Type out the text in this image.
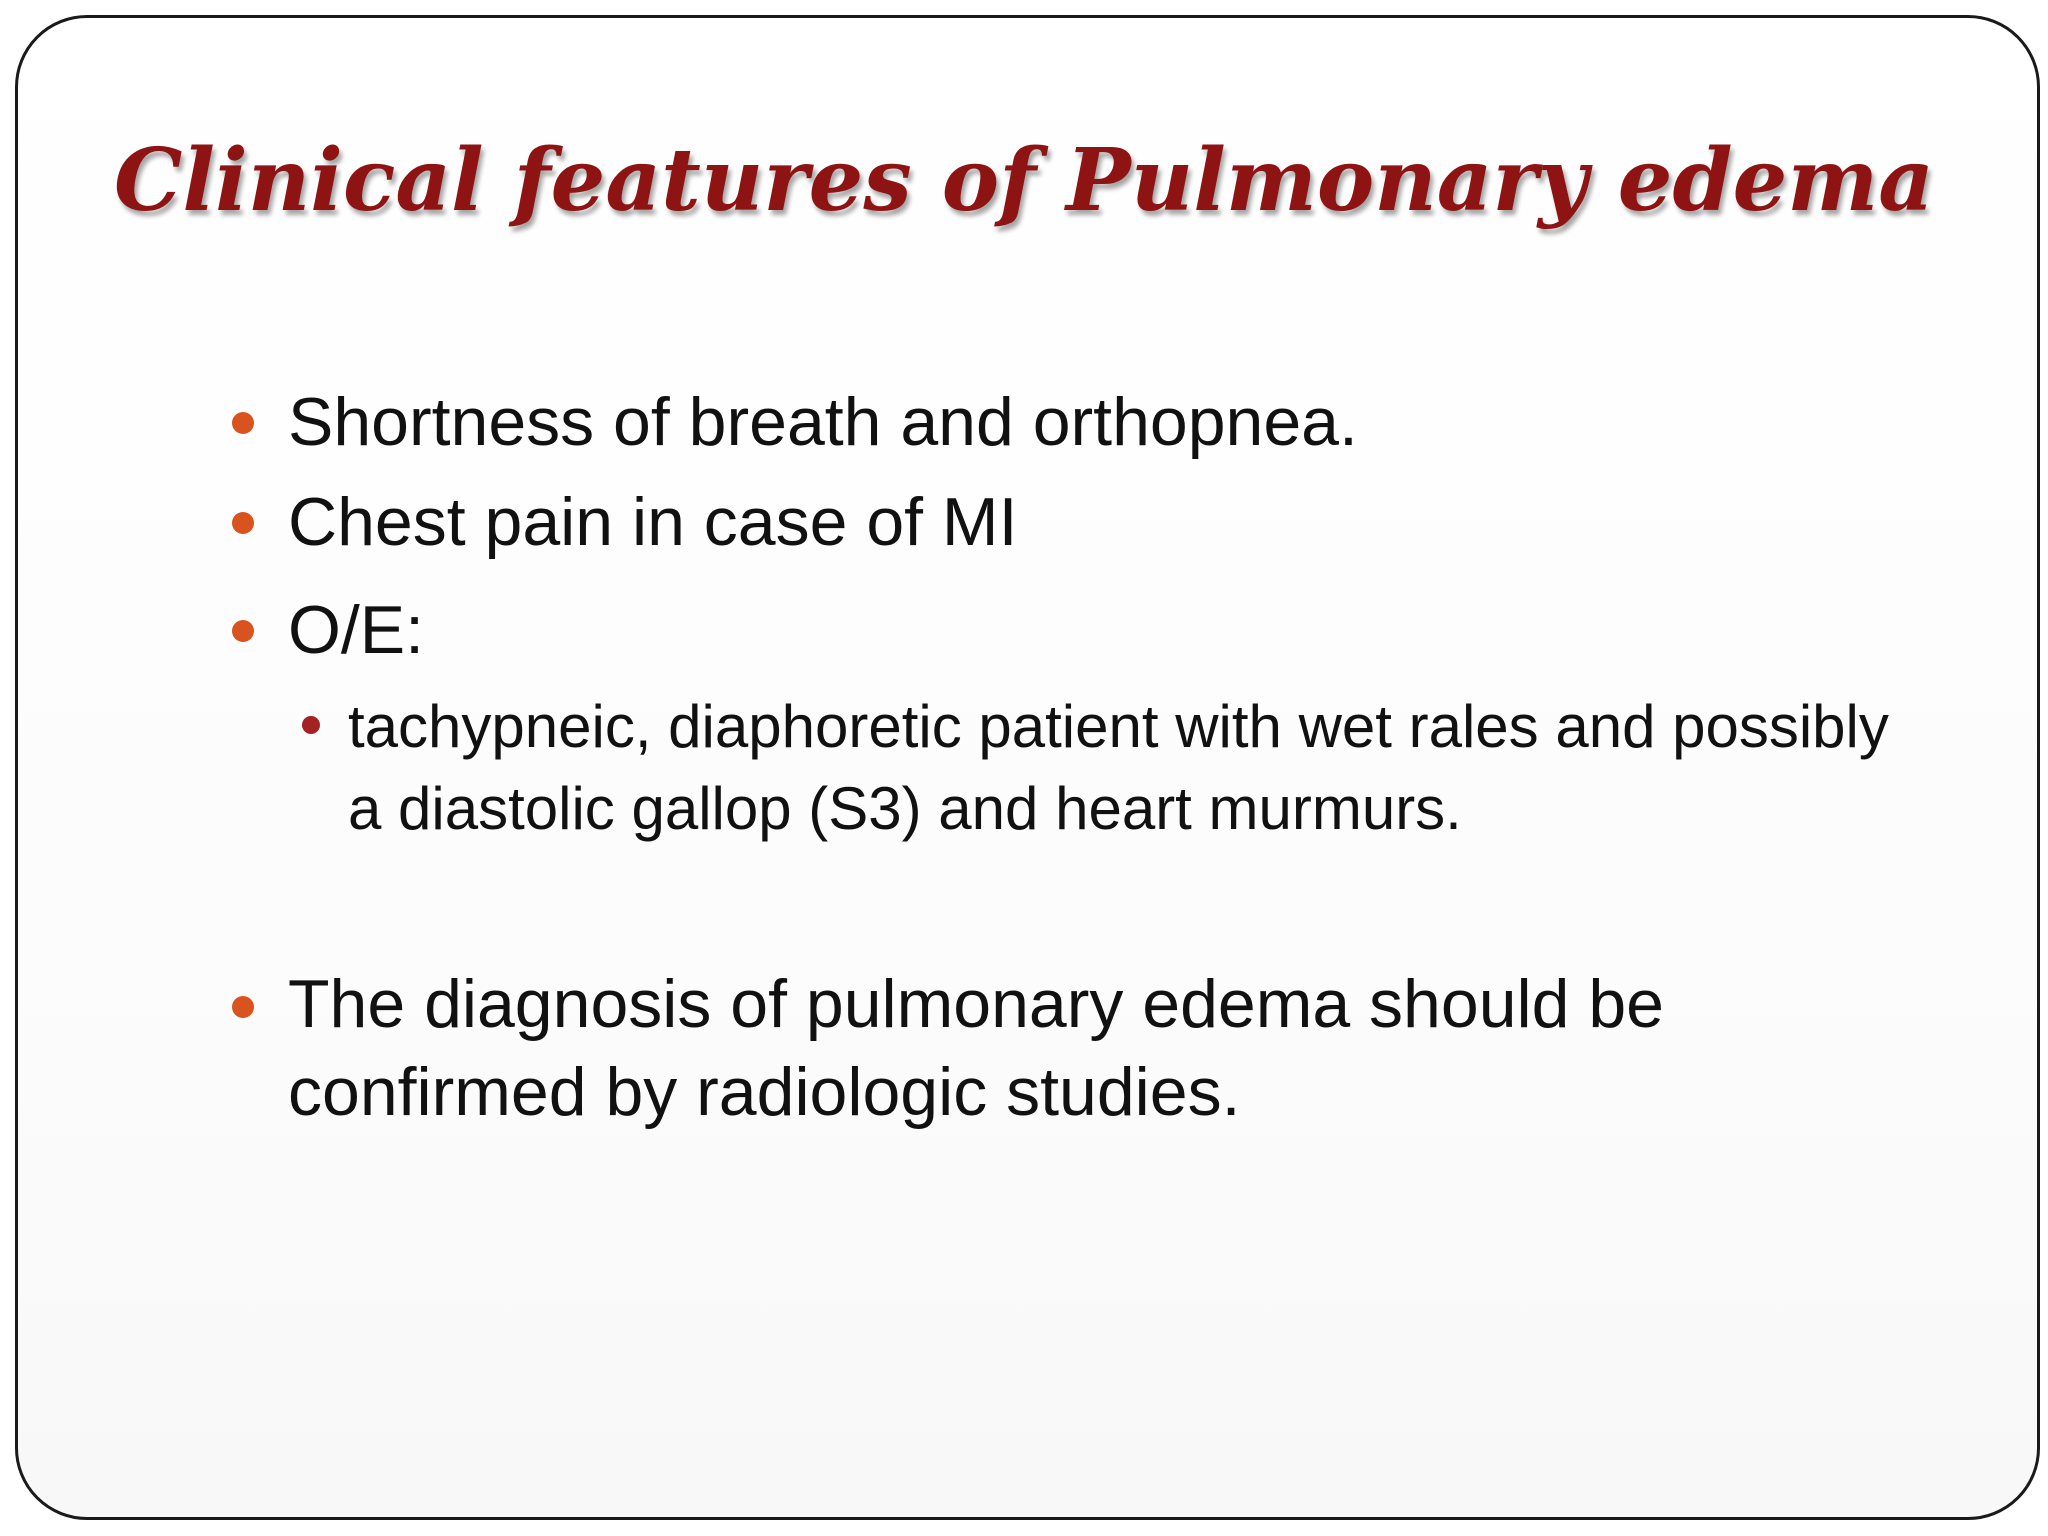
Clinical features of Pulmonary edema
Shortness of breath and orthopnea.
Chest pain in case of MI
O/E:
tachypneic, diaphoretic patient with wet rales and possibly a diastolic gallop (S3) and heart murmurs.
The diagnosis of pulmonary edema should be confirmed by radiologic studies.
